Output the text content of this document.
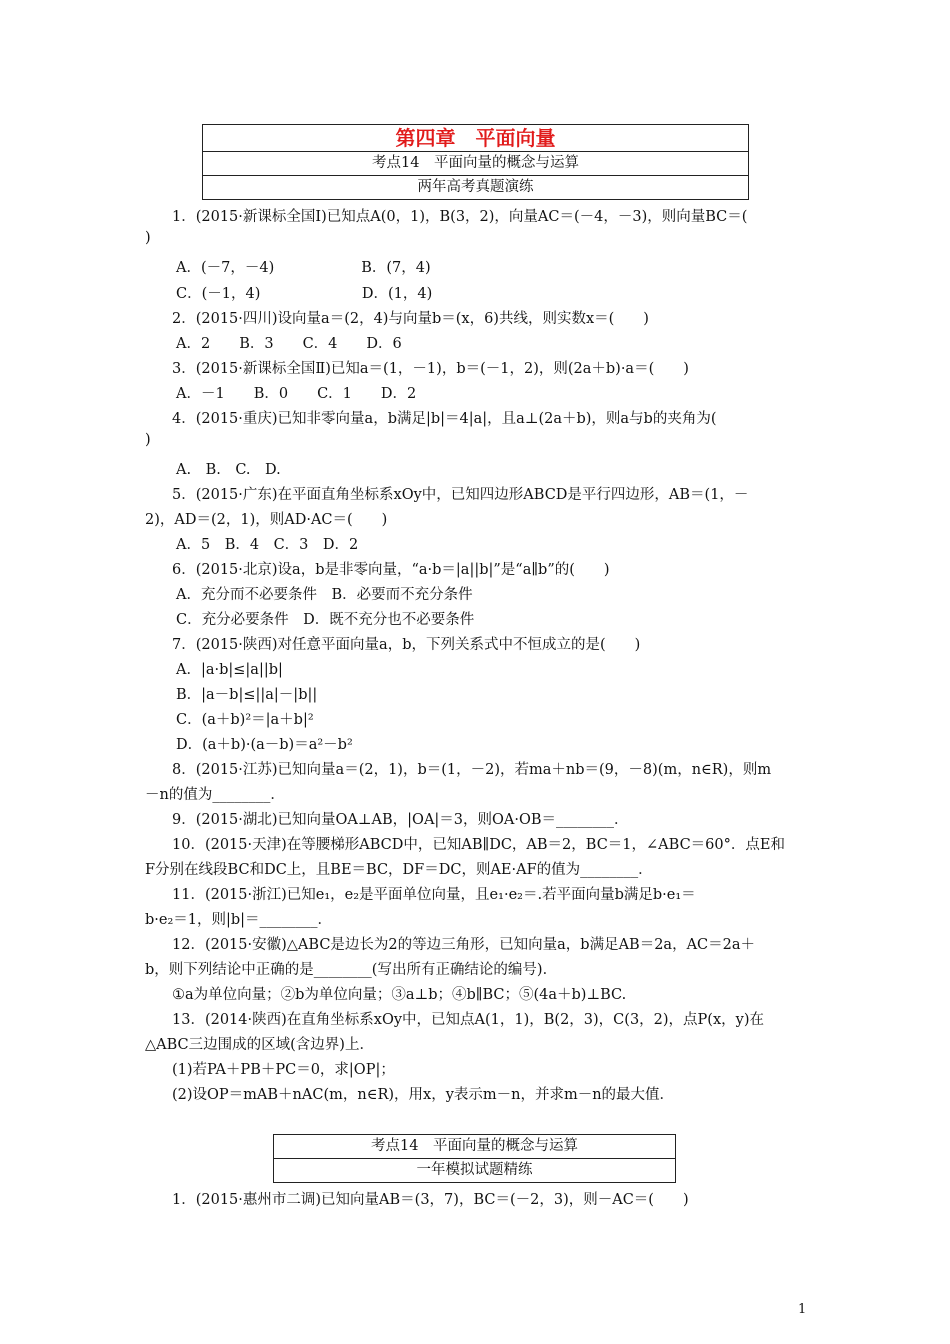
第四章　平面向量
考点14　平面向量的概念与运算
两年高考真题演练
1．(2015·新课标全国Ⅰ)已知点A(0，1)，B(3，2)，向量AC＝(－4，－3)，则向量BC＝(
)
A．(－7，－4)　　　　　　B．(7，4)
C．(－1，4)　　　　　　　D．(1，4)
2．(2015·四川)设向量a＝(2，4)与向量b＝(x，6)共线，则实数x＝(　　)
A．2　　B．3　　C．4　　D．6
3．(2015·新课标全国Ⅱ)已知a＝(1，－1)，b＝(－1，2)，则(2a＋b)·a＝(　　)
A．－1　　B．0　　C．1　　D．2
4．(2015·重庆)已知非零向量a，b满足|b|＝4|a|，且a⊥(2a＋b)，则a与b的夹角为(
)
A.　B.　C.　D.
5．(2015·广东)在平面直角坐标系xOy中，已知四边形ABCD是平行四边形，AB＝(1，－
2)，AD＝(2，1)，则AD·AC＝(　　)
A．5　B．4　C．3　D．2
6．(2015·北京)设a，b是非零向量，“a·b＝|a||b|”是“a∥b”的(　　)
A．充分而不必要条件　B．必要而不充分条件
C．充分必要条件　D．既不充分也不必要条件
7．(2015·陕西)对任意平面向量a，b，下列关系式中不恒成立的是(　　)
A．|a·b|≤|a||b|
B．|a－b|≤||a|－|b||
C．(a＋b)²＝|a＋b|²
D．(a＋b)·(a－b)＝a²－b²
8．(2015·江苏)已知向量a＝(2，1)，b＝(1，－2)，若ma＋nb＝(9，－8)(m，n∈R)，则m
－n的值为________．
9．(2015·湖北)已知向量OA⊥AB，|OA|＝3，则OA·OB＝________．
10．(2015·天津)在等腰梯形ABCD中，已知AB∥DC，AB＝2，BC＝1，∠ABC＝60°．点E和
F分别在线段BC和DC上，且BE＝BC，DF＝DC，则AE·AF的值为________．
11．(2015·浙江)已知e₁，e₂是平面单位向量，且e₁·e₂＝.若平面向量b满足b·e₁＝
b·e₂＝1，则|b|＝________．
12．(2015·安徽)△ABC是边长为2的等边三角形，已知向量a，b满足AB＝2a，AC＝2a＋
b，则下列结论中正确的是________(写出所有正确结论的编号)．
①a为单位向量；②b为单位向量；③a⊥b；④b∥BC；⑤(4a＋b)⊥BC.
13．(2014·陕西)在直角坐标系xOy中，已知点A(1，1)，B(2，3)，C(3，2)，点P(x，y)在
△ABC三边围成的区域(含边界)上．
(1)若PA＋PB＋PC＝0，求|OP|；
(2)设OP＝mAB＋nAC(m，n∈R)，用x，y表示m－n，并求m－n的最大值．
1．(2015·惠州市二调)已知向量AB＝(3，7)，BC＝(－2，3)，则－AC＝(　　)
考点14　平面向量的概念与运算
一年模拟试题精练
1
